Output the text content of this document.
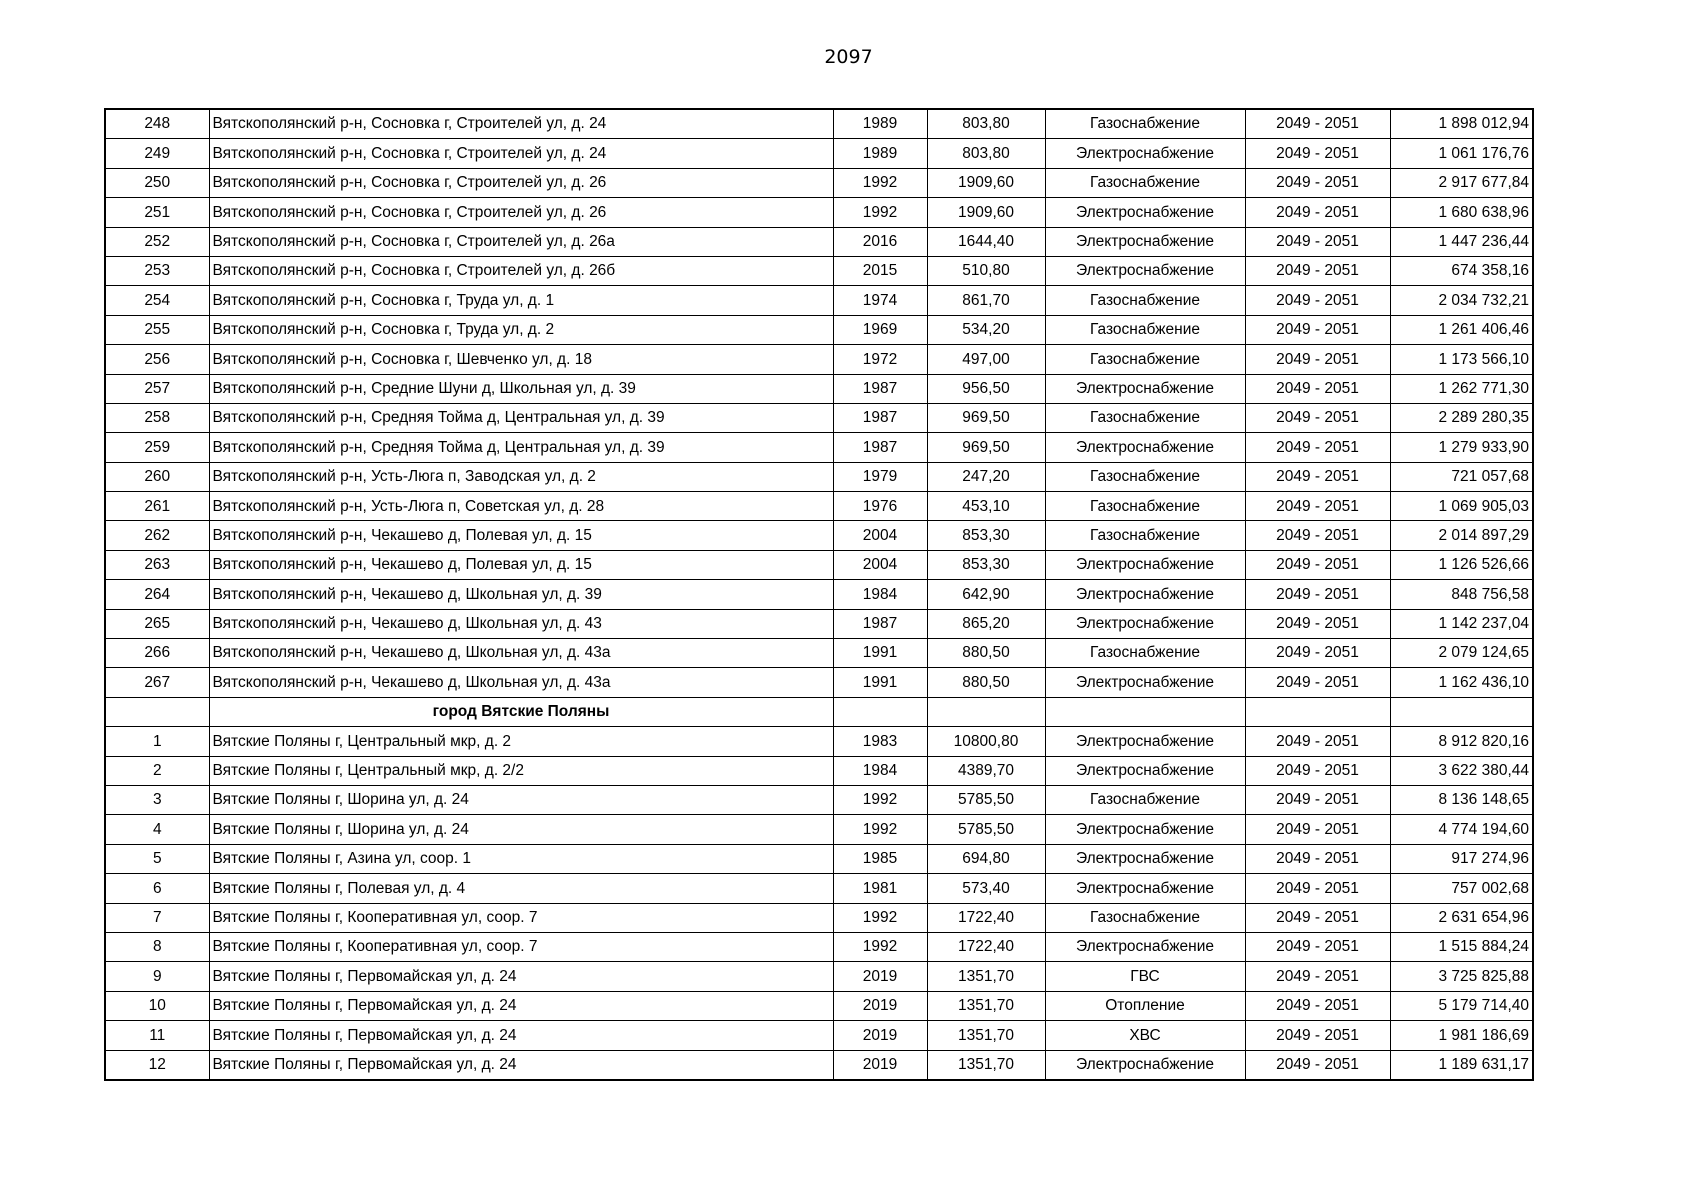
2097
248	Вятскополянский р-н, Сосновка г, Строителей ул, д. 24	1989	803,80	Газоснабжение	2049 - 2051	1 898 012,94
249	Вятскополянский р-н, Сосновка г, Строителей ул, д. 24	1989	803,80	Электроснабжение	2049 - 2051	1 061 176,76
250	Вятскополянский р-н, Сосновка г, Строителей ул, д. 26	1992	1909,60	Газоснабжение	2049 - 2051	2 917 677,84
251	Вятскополянский р-н, Сосновка г, Строителей ул, д. 26	1992	1909,60	Электроснабжение	2049 - 2051	1 680 638,96
252	Вятскополянский р-н, Сосновка г, Строителей ул, д. 26а	2016	1644,40	Электроснабжение	2049 - 2051	1 447 236,44
253	Вятскополянский р-н, Сосновка г, Строителей ул, д. 26б	2015	510,80	Электроснабжение	2049 - 2051	674 358,16
254	Вятскополянский р-н, Сосновка г, Труда ул, д. 1	1974	861,70	Газоснабжение	2049 - 2051	2 034 732,21
255	Вятскополянский р-н, Сосновка г, Труда ул, д. 2	1969	534,20	Газоснабжение	2049 - 2051	1 261 406,46
256	Вятскополянский р-н, Сосновка г, Шевченко ул, д. 18	1972	497,00	Газоснабжение	2049 - 2051	1 173 566,10
257	Вятскополянский р-н, Средние Шуни д, Школьная ул, д. 39	1987	956,50	Электроснабжение	2049 - 2051	1 262 771,30
258	Вятскополянский р-н, Средняя Тойма д, Центральная ул, д. 39	1987	969,50	Газоснабжение	2049 - 2051	2 289 280,35
259	Вятскополянский р-н, Средняя Тойма д, Центральная ул, д. 39	1987	969,50	Электроснабжение	2049 - 2051	1 279 933,90
260	Вятскополянский р-н, Усть-Люга п, Заводская ул, д. 2	1979	247,20	Газоснабжение	2049 - 2051	721 057,68
261	Вятскополянский р-н, Усть-Люга п, Советская ул, д. 28	1976	453,10	Газоснабжение	2049 - 2051	1 069 905,03
262	Вятскополянский р-н, Чекашево д, Полевая ул, д. 15	2004	853,30	Газоснабжение	2049 - 2051	2 014 897,29
263	Вятскополянский р-н, Чекашево д, Полевая ул, д. 15	2004	853,30	Электроснабжение	2049 - 2051	1 126 526,66
264	Вятскополянский р-н, Чекашево д, Школьная ул, д. 39	1984	642,90	Электроснабжение	2049 - 2051	848 756,58
265	Вятскополянский р-н, Чекашево д, Школьная ул, д. 43	1987	865,20	Электроснабжение	2049 - 2051	1 142 237,04
266	Вятскополянский р-н, Чекашево д, Школьная ул, д. 43а	1991	880,50	Газоснабжение	2049 - 2051	2 079 124,65
267	Вятскополянский р-н, Чекашево д, Школьная ул, д. 43а	1991	880,50	Электроснабжение	2049 - 2051	1 162 436,10
	город Вятские Поляны					
1	Вятские Поляны г, Центральный мкр, д. 2	1983	10800,80	Электроснабжение	2049 - 2051	8 912 820,16
2	Вятские Поляны г, Центральный мкр, д. 2/2	1984	4389,70	Электроснабжение	2049 - 2051	3 622 380,44
3	Вятские Поляны г, Шорина ул, д. 24	1992	5785,50	Газоснабжение	2049 - 2051	8 136 148,65
4	Вятские Поляны г, Шорина ул, д. 24	1992	5785,50	Электроснабжение	2049 - 2051	4 774 194,60
5	Вятские Поляны г, Азина ул, соор. 1	1985	694,80	Электроснабжение	2049 - 2051	917 274,96
6	Вятские Поляны г, Полевая ул, д. 4	1981	573,40	Электроснабжение	2049 - 2051	757 002,68
7	Вятские Поляны г, Кооперативная ул, соор. 7	1992	1722,40	Газоснабжение	2049 - 2051	2 631 654,96
8	Вятские Поляны г, Кооперативная ул, соор. 7	1992	1722,40	Электроснабжение	2049 - 2051	1 515 884,24
9	Вятские Поляны г, Первомайская ул, д. 24	2019	1351,70	ГВС	2049 - 2051	3 725 825,88
10	Вятские Поляны г, Первомайская ул, д. 24	2019	1351,70	Отопление	2049 - 2051	5 179 714,40
11	Вятские Поляны г, Первомайская ул, д. 24	2019	1351,70	ХВС	2049 - 2051	1 981 186,69
12	Вятские Поляны г, Первомайская ул, д. 24	2019	1351,70	Электроснабжение	2049 - 2051	1 189 631,17
